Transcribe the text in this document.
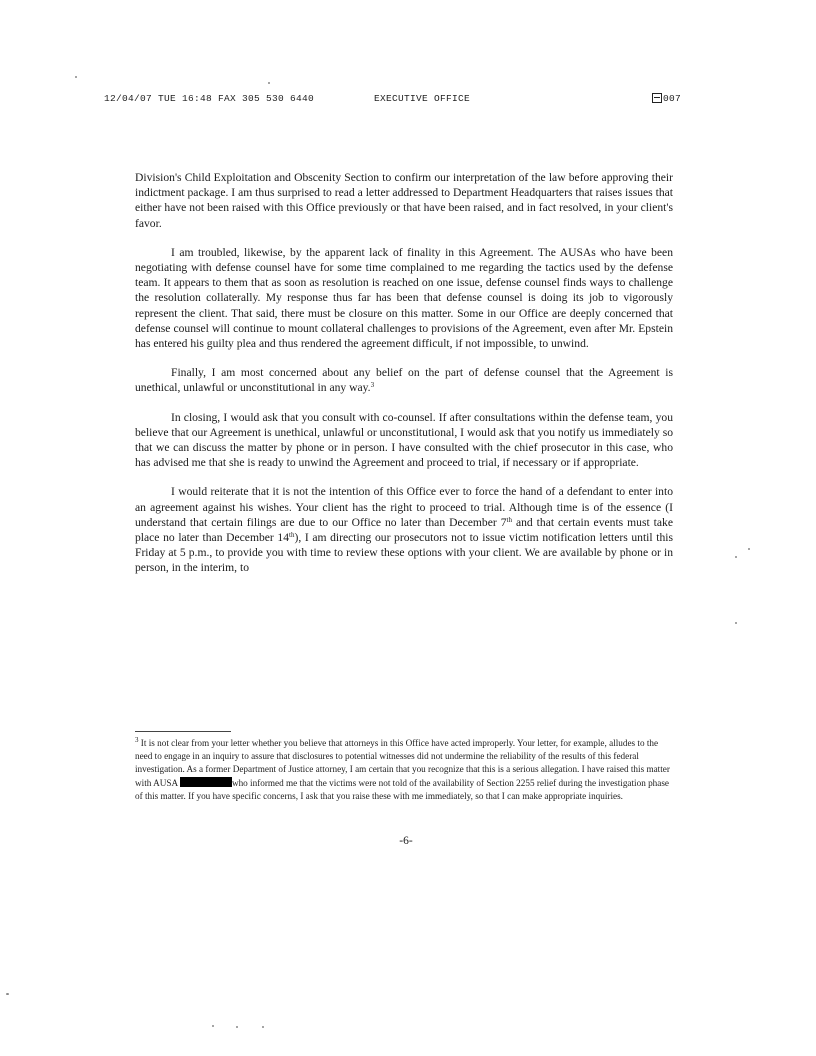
12/04/07 TUE 16:48 FAX 305 530 6440	EXECUTIVE OFFICE	007

Division's Child Exploitation and Obscenity Section to confirm our interpretation of the law before approving their indictment package. I am thus surprised to read a letter addressed to Department Headquarters that raises issues that either have not been raised with this Office previously or that have been raised, and in fact resolved, in your client's favor.

I am troubled, likewise, by the apparent lack of finality in this Agreement. The AUSAs who have been negotiating with defense counsel have for some time complained to me regarding the tactics used by the defense team. It appears to them that as soon as resolution is reached on one issue, defense counsel finds ways to challenge the resolution collaterally. My response thus far has been that defense counsel is doing its job to vigorously represent the client. That said, there must be closure on this matter. Some in our Office are deeply concerned that defense counsel will continue to mount collateral challenges to provisions of the Agreement, even after Mr. Epstein has entered his guilty plea and thus rendered the agreement difficult, if not impossible, to unwind.

Finally, I am most concerned about any belief on the part of defense counsel that the Agreement is unethical, unlawful or unconstitutional in any way.$^3$

In closing, I would ask that you consult with co-counsel. If after consultations within the defense team, you believe that our Agreement is unethical, unlawful or unconstitutional, I would ask that you notify us immediately so that we can discuss the matter by phone or in person. I have consulted with the chief prosecutor in this case, who has advised me that she is ready to unwind the Agreement and proceed to trial, if necessary or if appropriate.

I would reiterate that it is not the intention of this Office ever to force the hand of a defendant to enter into an agreement against his wishes. Your client has the right to proceed to trial. Although time is of the essence (I understand that certain filings are due to our Office no later than December 7th and that certain events must take place no later than December 14th), I am directing our prosecutors not to issue victim notification letters until this Friday at 5 p.m., to provide you with time to review these options with your client. We are available by phone or in person, in the interim, to

$^3$ It is not clear from your letter whether you believe that attorneys in this Office have acted improperly. Your letter, for example, alludes to the need to engage in an inquiry to assure that disclosures to potential witnesses did not undermine the reliability of the results of this federal investigation. As a former Department of Justice attorney, I am certain that you recognize that this is a serious allegation. I have raised this matter with AUSA	who informed me that the victims were not told of the availability of Section 2255 relief during the investigation phase of this matter. If you have specific concerns, I ask that you raise these with me immediately, so that I can make appropriate inquiries.

-6-
